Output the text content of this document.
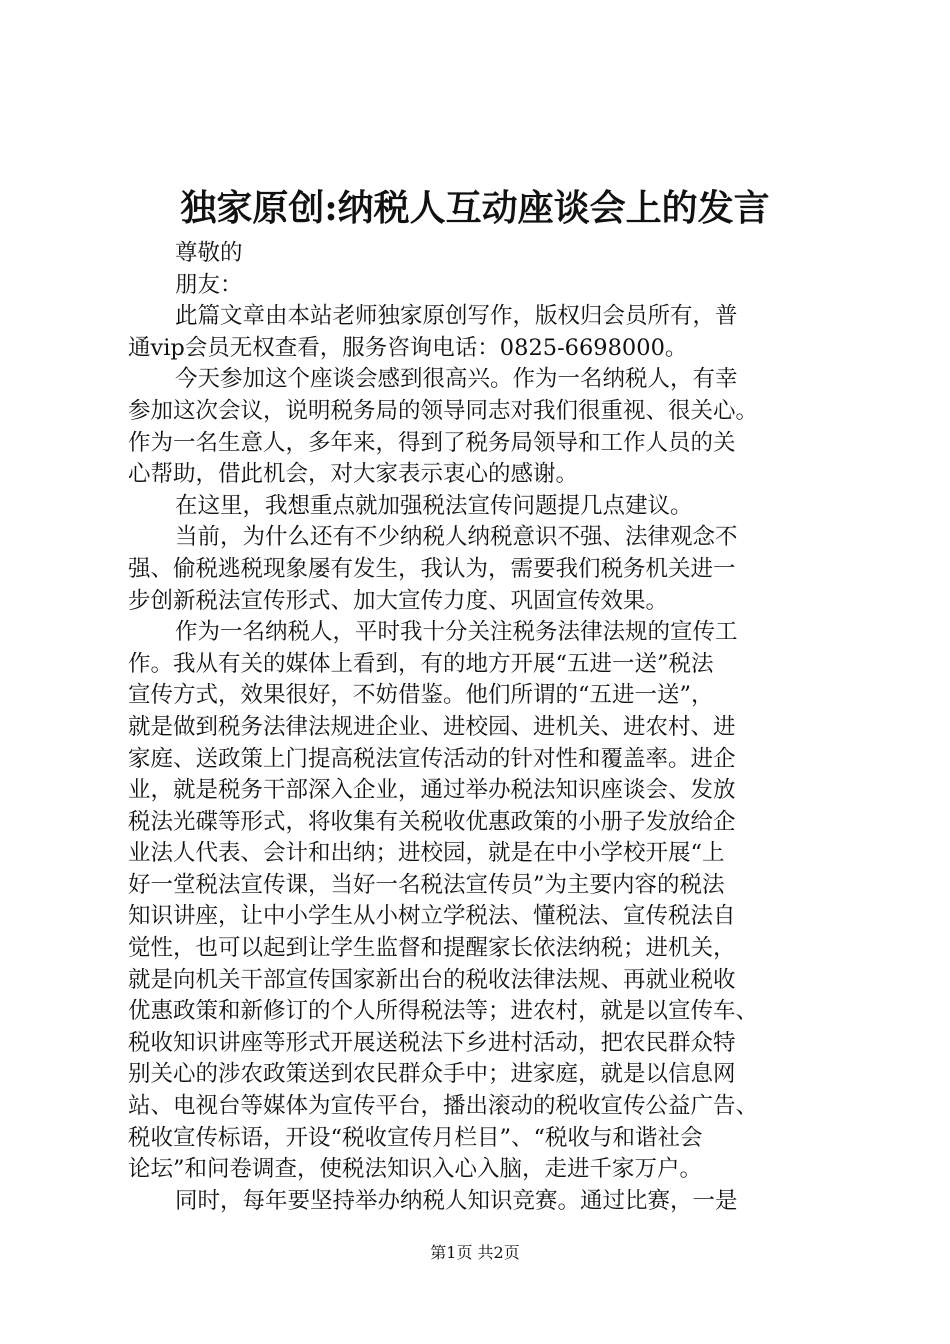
独家原创:纳税人互动座谈会上的发言
尊敬的
朋友：
此篇文章由本站老师独家原创写作，版权归会员所有，普
通vip会员无权查看，服务咨询电话：0825-6698000。
今天参加这个座谈会感到很高兴。作为一名纳税人，有幸
参加这次会议，说明税务局的领导同志对我们很重视、很关心。
作为一名生意人，多年来，得到了税务局领导和工作人员的关
心帮助，借此机会，对大家表示衷心的感谢。
在这里，我想重点就加强税法宣传问题提几点建议。
当前，为什么还有不少纳税人纳税意识不强、法律观念不
强、偷税逃税现象屡有发生，我认为，需要我们税务机关进一
步创新税法宣传形式、加大宣传力度、巩固宣传效果。
作为一名纳税人，平时我十分关注税务法律法规的宣传工
作。我从有关的媒体上看到，有的地方开展“五进一送”税法
宣传方式，效果很好，不妨借鉴。他们所谓的“五进一送”，
就是做到税务法律法规进企业、进校园、进机关、进农村、进
家庭、送政策上门提高税法宣传活动的针对性和覆盖率。进企
业，就是税务干部深入企业，通过举办税法知识座谈会、发放
税法光碟等形式，将收集有关税收优惠政策的小册子发放给企
业法人代表、会计和出纳；进校园，就是在中小学校开展“上
好一堂税法宣传课，当好一名税法宣传员”为主要内容的税法
知识讲座，让中小学生从小树立学税法、懂税法、宣传税法自
觉性，也可以起到让学生监督和提醒家长依法纳税；进机关，
就是向机关干部宣传国家新出台的税收法律法规、再就业税收
优惠政策和新修订的个人所得税法等；进农村，就是以宣传车、
税收知识讲座等形式开展送税法下乡进村活动，把农民群众特
别关心的涉农政策送到农民群众手中；进家庭，就是以信息网
站、电视台等媒体为宣传平台，播出滚动的税收宣传公益广告、
税收宣传标语，开设“税收宣传月栏目”、“税收与和谐社会
论坛”和问卷调查，使税法知识入心入脑，走进千家万户。
同时，每年要坚持举办纳税人知识竞赛。通过比赛，一是
第1页 共2页
